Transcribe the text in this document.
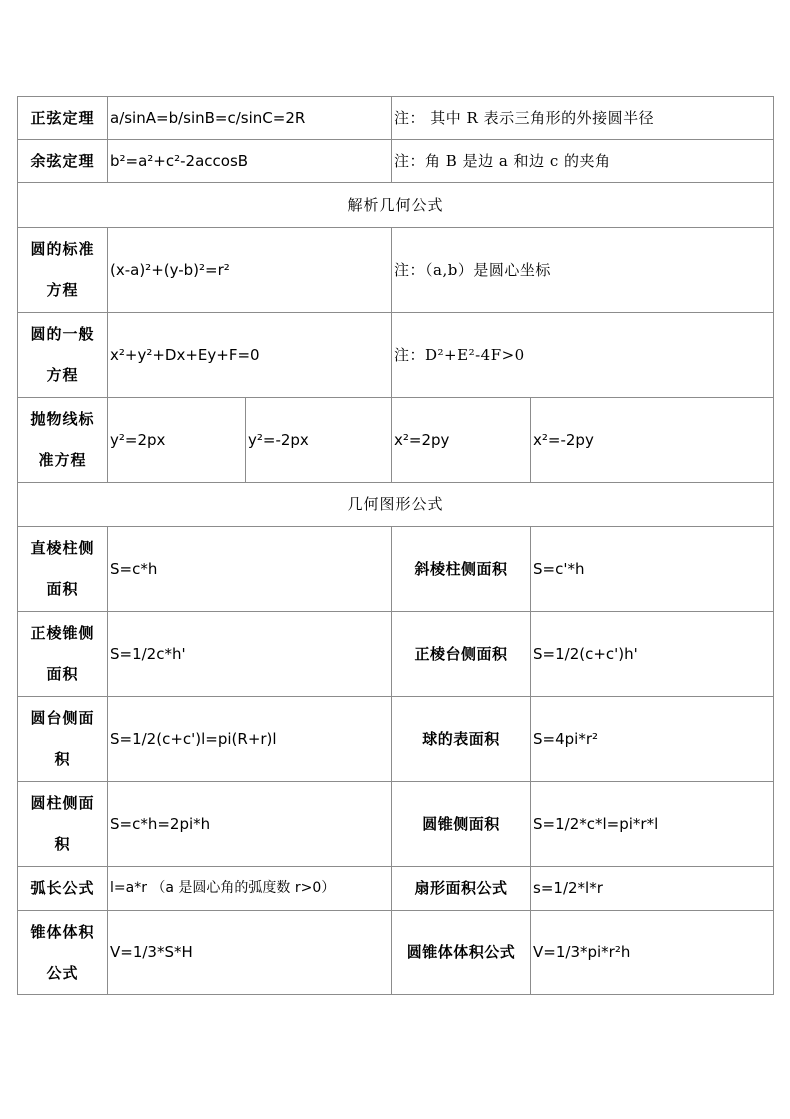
正弦定理	a/sinA=b/sinB=c/sinC=2R		注： 其中 R 表示三角形的外接圆半径	
余弦定理	b²=a²+c²-2accosB		注：角 B 是边 a 和边 c 的夹角	
解析几何公式				

圆的标准
方程	(x-a)²+(y-b)²=r²		注：（a,b）是圆心坐标	

圆的一般
方程	x²+y²+Dx+Ey+F=0		注：D²+E²-4F>0	

抛物线标
准方程	y²=2px	y²=-2px	x²=2py	x²=-2py
几何图形公式				

直棱柱侧
面积	S=c*h		斜棱柱侧面积	S=c'*h

正棱锥侧
面积	S=1/2c*h'		正棱台侧面积	S=1/2(c+c')h'

圆台侧面
积	S=1/2(c+c')l=pi(R+r)l		球的表面积	S=4pi*r²

圆柱侧面
积	S=c*h=2pi*h		圆锥侧面积	S=1/2*c*l=pi*r*l
弧长公式	l=a*r （a 是圆心角的弧度数 r>0）		扇形面积公式	s=1/2*l*r

锥体体积
公式	V=1/3*S*H		圆锥体体积公式	V=1/3*pi*r²h
